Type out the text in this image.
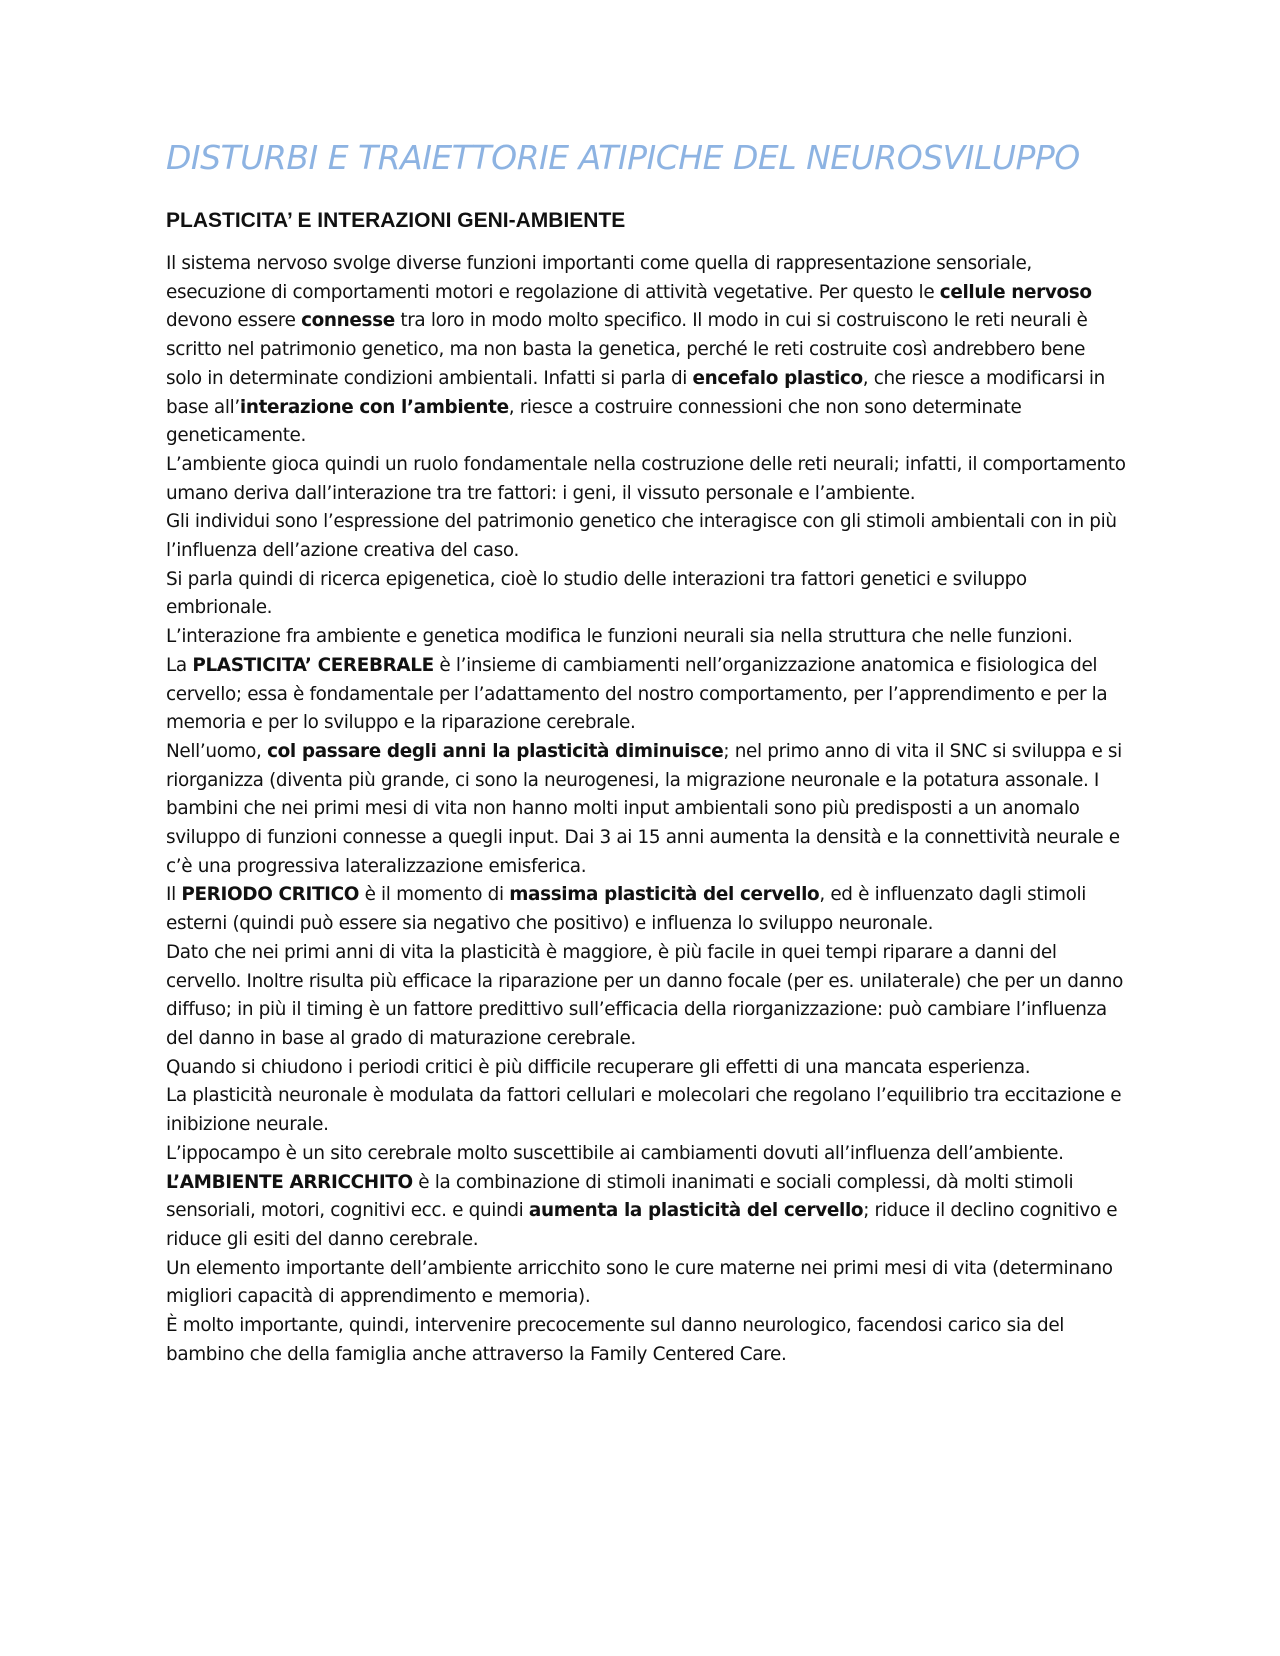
DISTURBI E TRAIETTORIE ATIPICHE DEL NEUROSVILUPPO
PLASTICITA’ E INTERAZIONI GENI-AMBIENTE

Il sistema nervoso svolge diverse funzioni importanti come quella di rappresentazione sensoriale, esecuzione di comportamenti motori e regolazione di attività vegetative. Per questo le cellule nervoso devono essere connesse tra loro in modo molto specifico. Il modo in cui si costruiscono le reti neurali è scritto nel patrimonio genetico, ma non basta la genetica, perché le reti costruite così andrebbero bene solo in determinate condizioni ambientali. Infatti si parla di encefalo plastico, che riesce a modificarsi in base all’interazione con l’ambiente, riesce a costruire connessioni che non sono determinate geneticamente.

L’ambiente gioca quindi un ruolo fondamentale nella costruzione delle reti neurali; infatti, il comportamento umano deriva dall’interazione tra tre fattori: i geni, il vissuto personale e l’ambiente.

Gli individui sono l’espressione del patrimonio genetico che interagisce con gli stimoli ambientali con in più l’influenza dell’azione creativa del caso.

Si parla quindi di ricerca epigenetica, cioè lo studio delle interazioni tra fattori genetici e sviluppo embrionale.

L’interazione fra ambiente e genetica modifica le funzioni neurali sia nella struttura che nelle funzioni.

La PLASTICITA’ CEREBRALE è l’insieme di cambiamenti nell’organizzazione anatomica e fisiologica del cervello; essa è fondamentale per l’adattamento del nostro comportamento, per l’apprendimento e per la memoria e per lo sviluppo e la riparazione cerebrale.

Nell’uomo, col passare degli anni la plasticità diminuisce; nel primo anno di vita il SNC si sviluppa e si riorganizza (diventa più grande, ci sono la neurogenesi, la migrazione neuronale e la potatura assonale. I bambini che nei primi mesi di vita non hanno molti input ambientali sono più predisposti a un anomalo sviluppo di funzioni connesse a quegli input. Dai 3 ai 15 anni aumenta la densità e la connettività neurale e c’è una progressiva lateralizzazione emisferica.

Il PERIODO CRITICO è il momento di massima plasticità del cervello, ed è influenzato dagli stimoli esterni (quindi può essere sia negativo che positivo) e influenza lo sviluppo neuronale.

Dato che nei primi anni di vita la plasticità è maggiore, è più facile in quei tempi riparare a danni del cervello. Inoltre risulta più efficace la riparazione per un danno focale (per es. unilaterale) che per un danno diffuso; in più il timing è un fattore predittivo sull’efficacia della riorganizzazione: può cambiare l’influenza del danno in base al grado di maturazione cerebrale.

Quando si chiudono i periodi critici è più difficile recuperare gli effetti di una mancata esperienza.

La plasticità neuronale è modulata da fattori cellulari e molecolari che regolano l’equilibrio tra eccitazione e inibizione neurale.

L’ippocampo è un sito cerebrale molto suscettibile ai cambiamenti dovuti all’influenza dell’ambiente.

L’AMBIENTE ARRICCHITO è la combinazione di stimoli inanimati e sociali complessi, dà molti stimoli sensoriali, motori, cognitivi ecc. e quindi aumenta la plasticità del cervello; riduce il declino cognitivo e riduce gli esiti del danno cerebrale.

Un elemento importante dell’ambiente arricchito sono le cure materne nei primi mesi di vita (determinano migliori capacità di apprendimento e memoria).

È molto importante, quindi, intervenire precocemente sul danno neurologico, facendosi carico sia del bambino che della famiglia anche attraverso la Family Centered Care.
